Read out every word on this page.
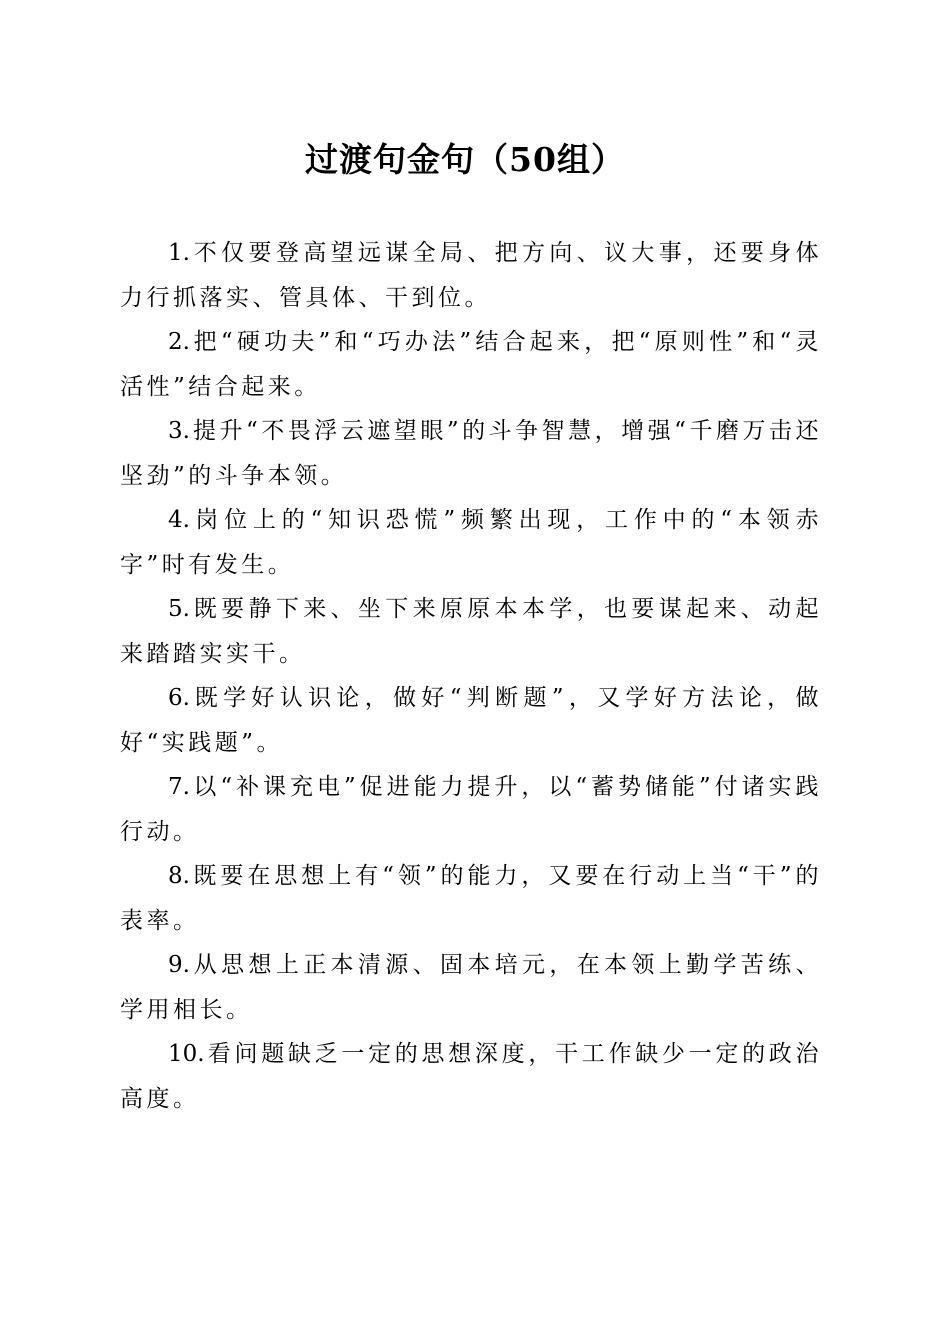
过渡句金句（50组）

1. 不仅要登高望远谋全局、把方向、议大事，还要身体力行抓落实、管具体、干到位。

2. 把“硬功夫”和“巧办法”结合起来，把“原则性”和“灵活性”结合起来。

3. 提升“不畏浮云遮望眼”的斗争智慧，增强“千磨万击还坚劲”的斗争本领。

4. 岗位上的“知识恐慌”频繁出现，工作中的“本领赤字”时有发生。

5. 既要静下来、坐下来原原本本学，也要谋起来、动起来踏踏实实干。

6. 既学好认识论，做好“判断题”，又学好方法论，做好“实践题”。

7. 以“补课充电”促进能力提升，以“蓄势储能”付诸实践行动。

8. 既要在思想上有“领”的能力，又要在行动上当“干”的表率。

9. 从思想上正本清源、固本培元，在本领上勤学苦练、学用相长。

10. 看问题缺乏一定的思想深度，干工作缺少一定的政治高度。
